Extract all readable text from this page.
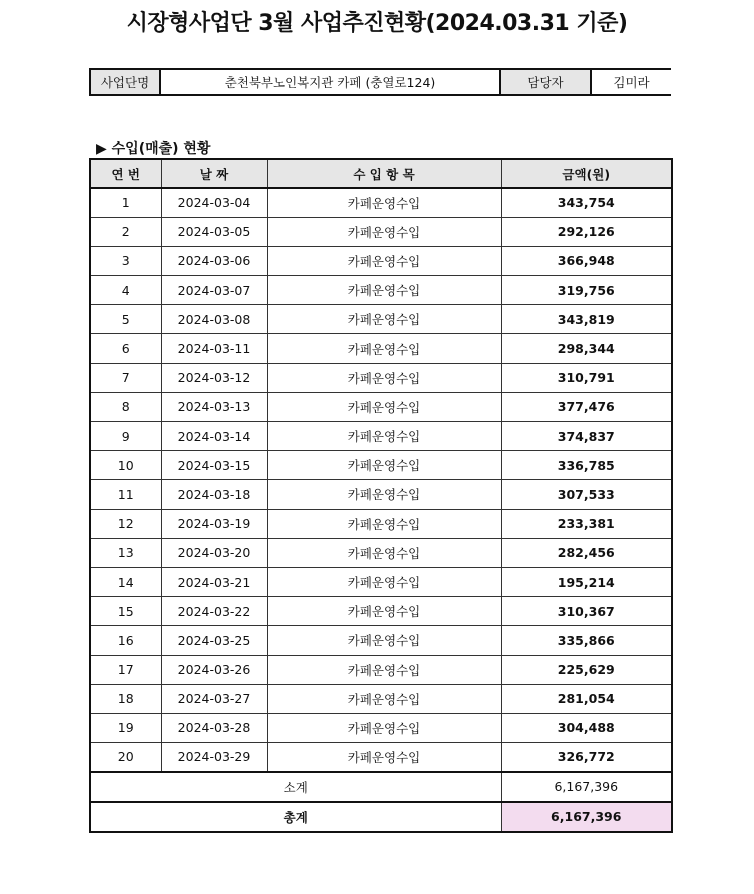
시장형사업단 3월 사업추진현황(2024.03.31 기준)
사업단명	춘천북부노인복지관 카페 (충열로124)	담당자	김미라
▶ 수입(매출) 현황
연 번	날 짜	수 입 항 목	금액(원)
1	2024-03-04	카페운영수입	343,754
2	2024-03-05	카페운영수입	292,126
3	2024-03-06	카페운영수입	366,948
4	2024-03-07	카페운영수입	319,756
5	2024-03-08	카페운영수입	343,819
6	2024-03-11	카페운영수입	298,344
7	2024-03-12	카페운영수입	310,791
8	2024-03-13	카페운영수입	377,476
9	2024-03-14	카페운영수입	374,837
10	2024-03-15	카페운영수입	336,785
11	2024-03-18	카페운영수입	307,533
12	2024-03-19	카페운영수입	233,381
13	2024-03-20	카페운영수입	282,456
14	2024-03-21	카페운영수입	195,214
15	2024-03-22	카페운영수입	310,367
16	2024-03-25	카페운영수입	335,866
17	2024-03-26	카페운영수입	225,629
18	2024-03-27	카페운영수입	281,054
19	2024-03-28	카페운영수입	304,488
20	2024-03-29	카페운영수입	326,772
소계			6,167,396
총계			6,167,396
